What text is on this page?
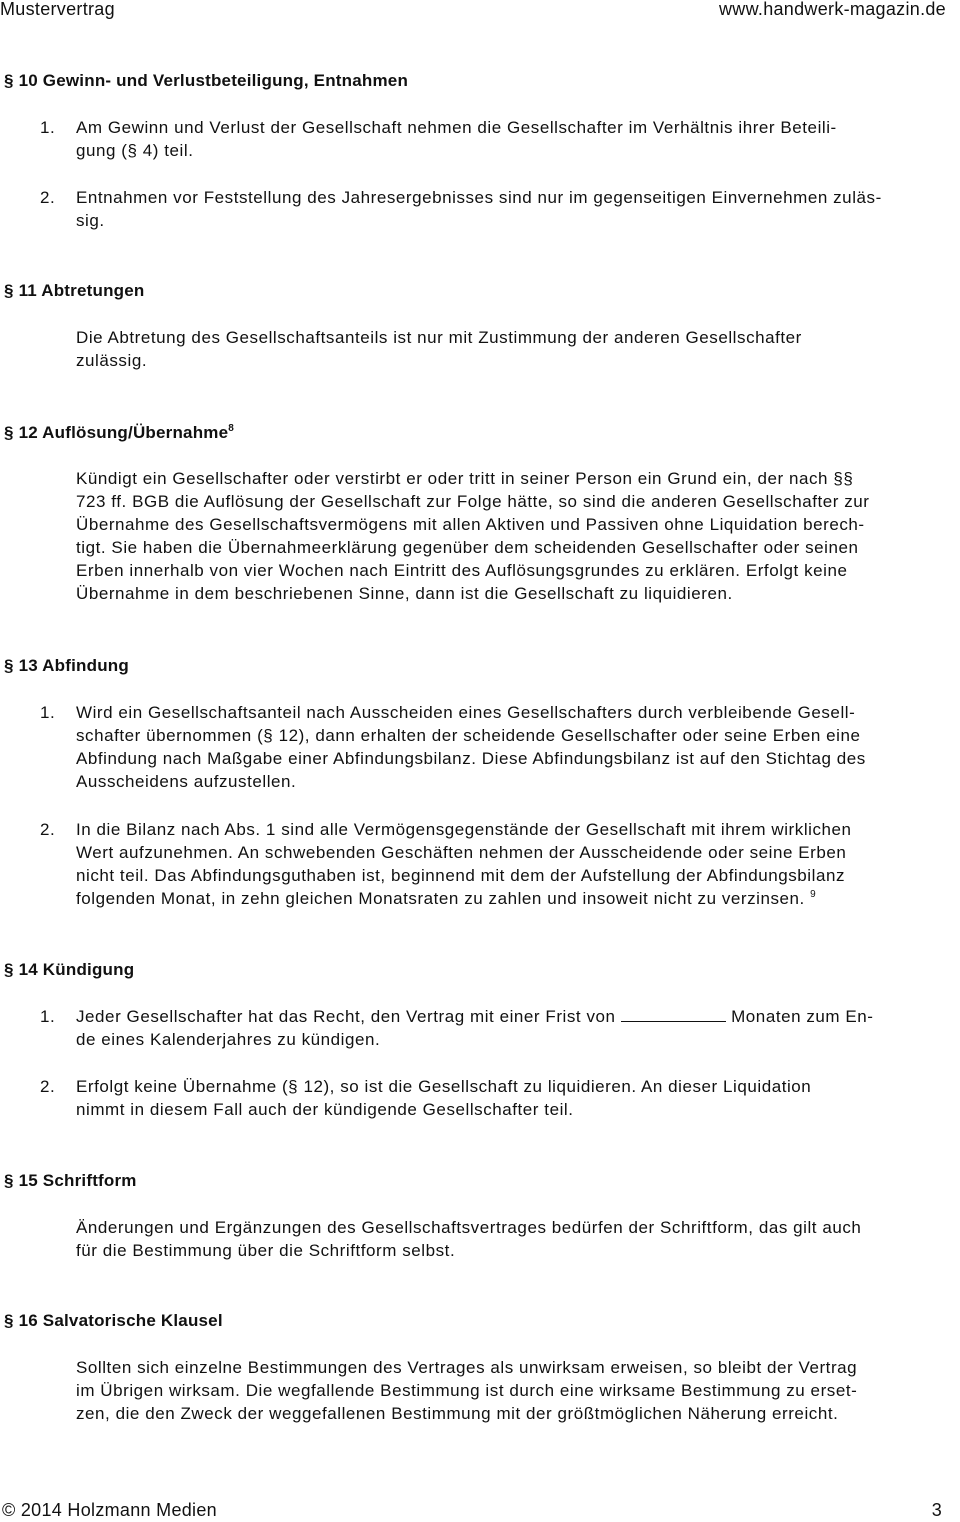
Mustervertrag	www.handwerk-magazin.de
§ 10 Gewinn- und Verlustbeteiligung, Entnahmen
1. Am Gewinn und Verlust der Gesellschaft nehmen die Gesellschafter im Verhältnis ihrer Beteili-
gung (§ 4) teil.
2. Entnahmen vor Feststellung des Jahresergebnisses sind nur im gegenseitigen Einvernehmen zuläs-
sig.
§ 11 Abtretungen
Die Abtretung des Gesellschaftsanteils ist nur mit Zustimmung der anderen Gesellschafter
zulässig.
§ 12 Auflösung/Übernahme$^8$
Kündigt ein Gesellschafter oder verstirbt er oder tritt in seiner Person ein Grund ein, der nach §§
723 ff. BGB die Auflösung der Gesellschaft zur Folge hätte, so sind die anderen Gesellschafter zur
Übernahme des Gesellschaftsvermögens mit allen Aktiven und Passiven ohne Liquidation berech-
tigt. Sie haben die Übernahmeerklärung gegenüber dem scheidenden Gesellschafter oder seinen
Erben innerhalb von vier Wochen nach Eintritt des Auflösungsgrundes zu erklären. Erfolgt keine
Übernahme in dem beschriebenen Sinne, dann ist die Gesellschaft zu liquidieren.
§ 13 Abfindung
1. Wird ein Gesellschaftsanteil nach Ausscheiden eines Gesellschafters durch verbleibende Gesell-
schafter übernommen (§ 12), dann erhalten der scheidende Gesellschafter oder seine Erben eine
Abfindung nach Maßgabe einer Abfindungsbilanz. Diese Abfindungsbilanz ist auf den Stichtag des
Ausscheidens aufzustellen.
2. In die Bilanz nach Abs. 1 sind alle Vermögensgegenstände der Gesellschaft mit ihrem wirklichen
Wert aufzunehmen. An schwebenden Geschäften nehmen der Ausscheidende oder seine Erben
nicht teil. Das Abfindungsguthaben ist, beginnend mit dem der Aufstellung der Abfindungsbilanz
folgenden Monat, in zehn gleichen Monatsraten zu zahlen und insoweit nicht zu verzinsen. $^9$
§ 14 Kündigung
1. Jeder Gesellschafter hat das Recht, den Vertrag mit einer Frist von	Monaten zum En-
de eines Kalenderjahres zu kündigen.
2. Erfolgt keine Übernahme (§ 12), so ist die Gesellschaft zu liquidieren. An dieser Liquidation
nimmt in diesem Fall auch der kündigende Gesellschafter teil.
§ 15 Schriftform
Änderungen und Ergänzungen des Gesellschaftsvertrages bedürfen der Schriftform, das gilt auch
für die Bestimmung über die Schriftform selbst.
§ 16 Salvatorische Klausel
Sollten sich einzelne Bestimmungen des Vertrages als unwirksam erweisen, so bleibt der Vertrag
im Übrigen wirksam. Die wegfallende Bestimmung ist durch eine wirksame Bestimmung zu erset-
zen, die den Zweck der weggefallenen Bestimmung mit der größtmöglichen Näherung erreicht.
© 2014 Holzmann Medien	3
